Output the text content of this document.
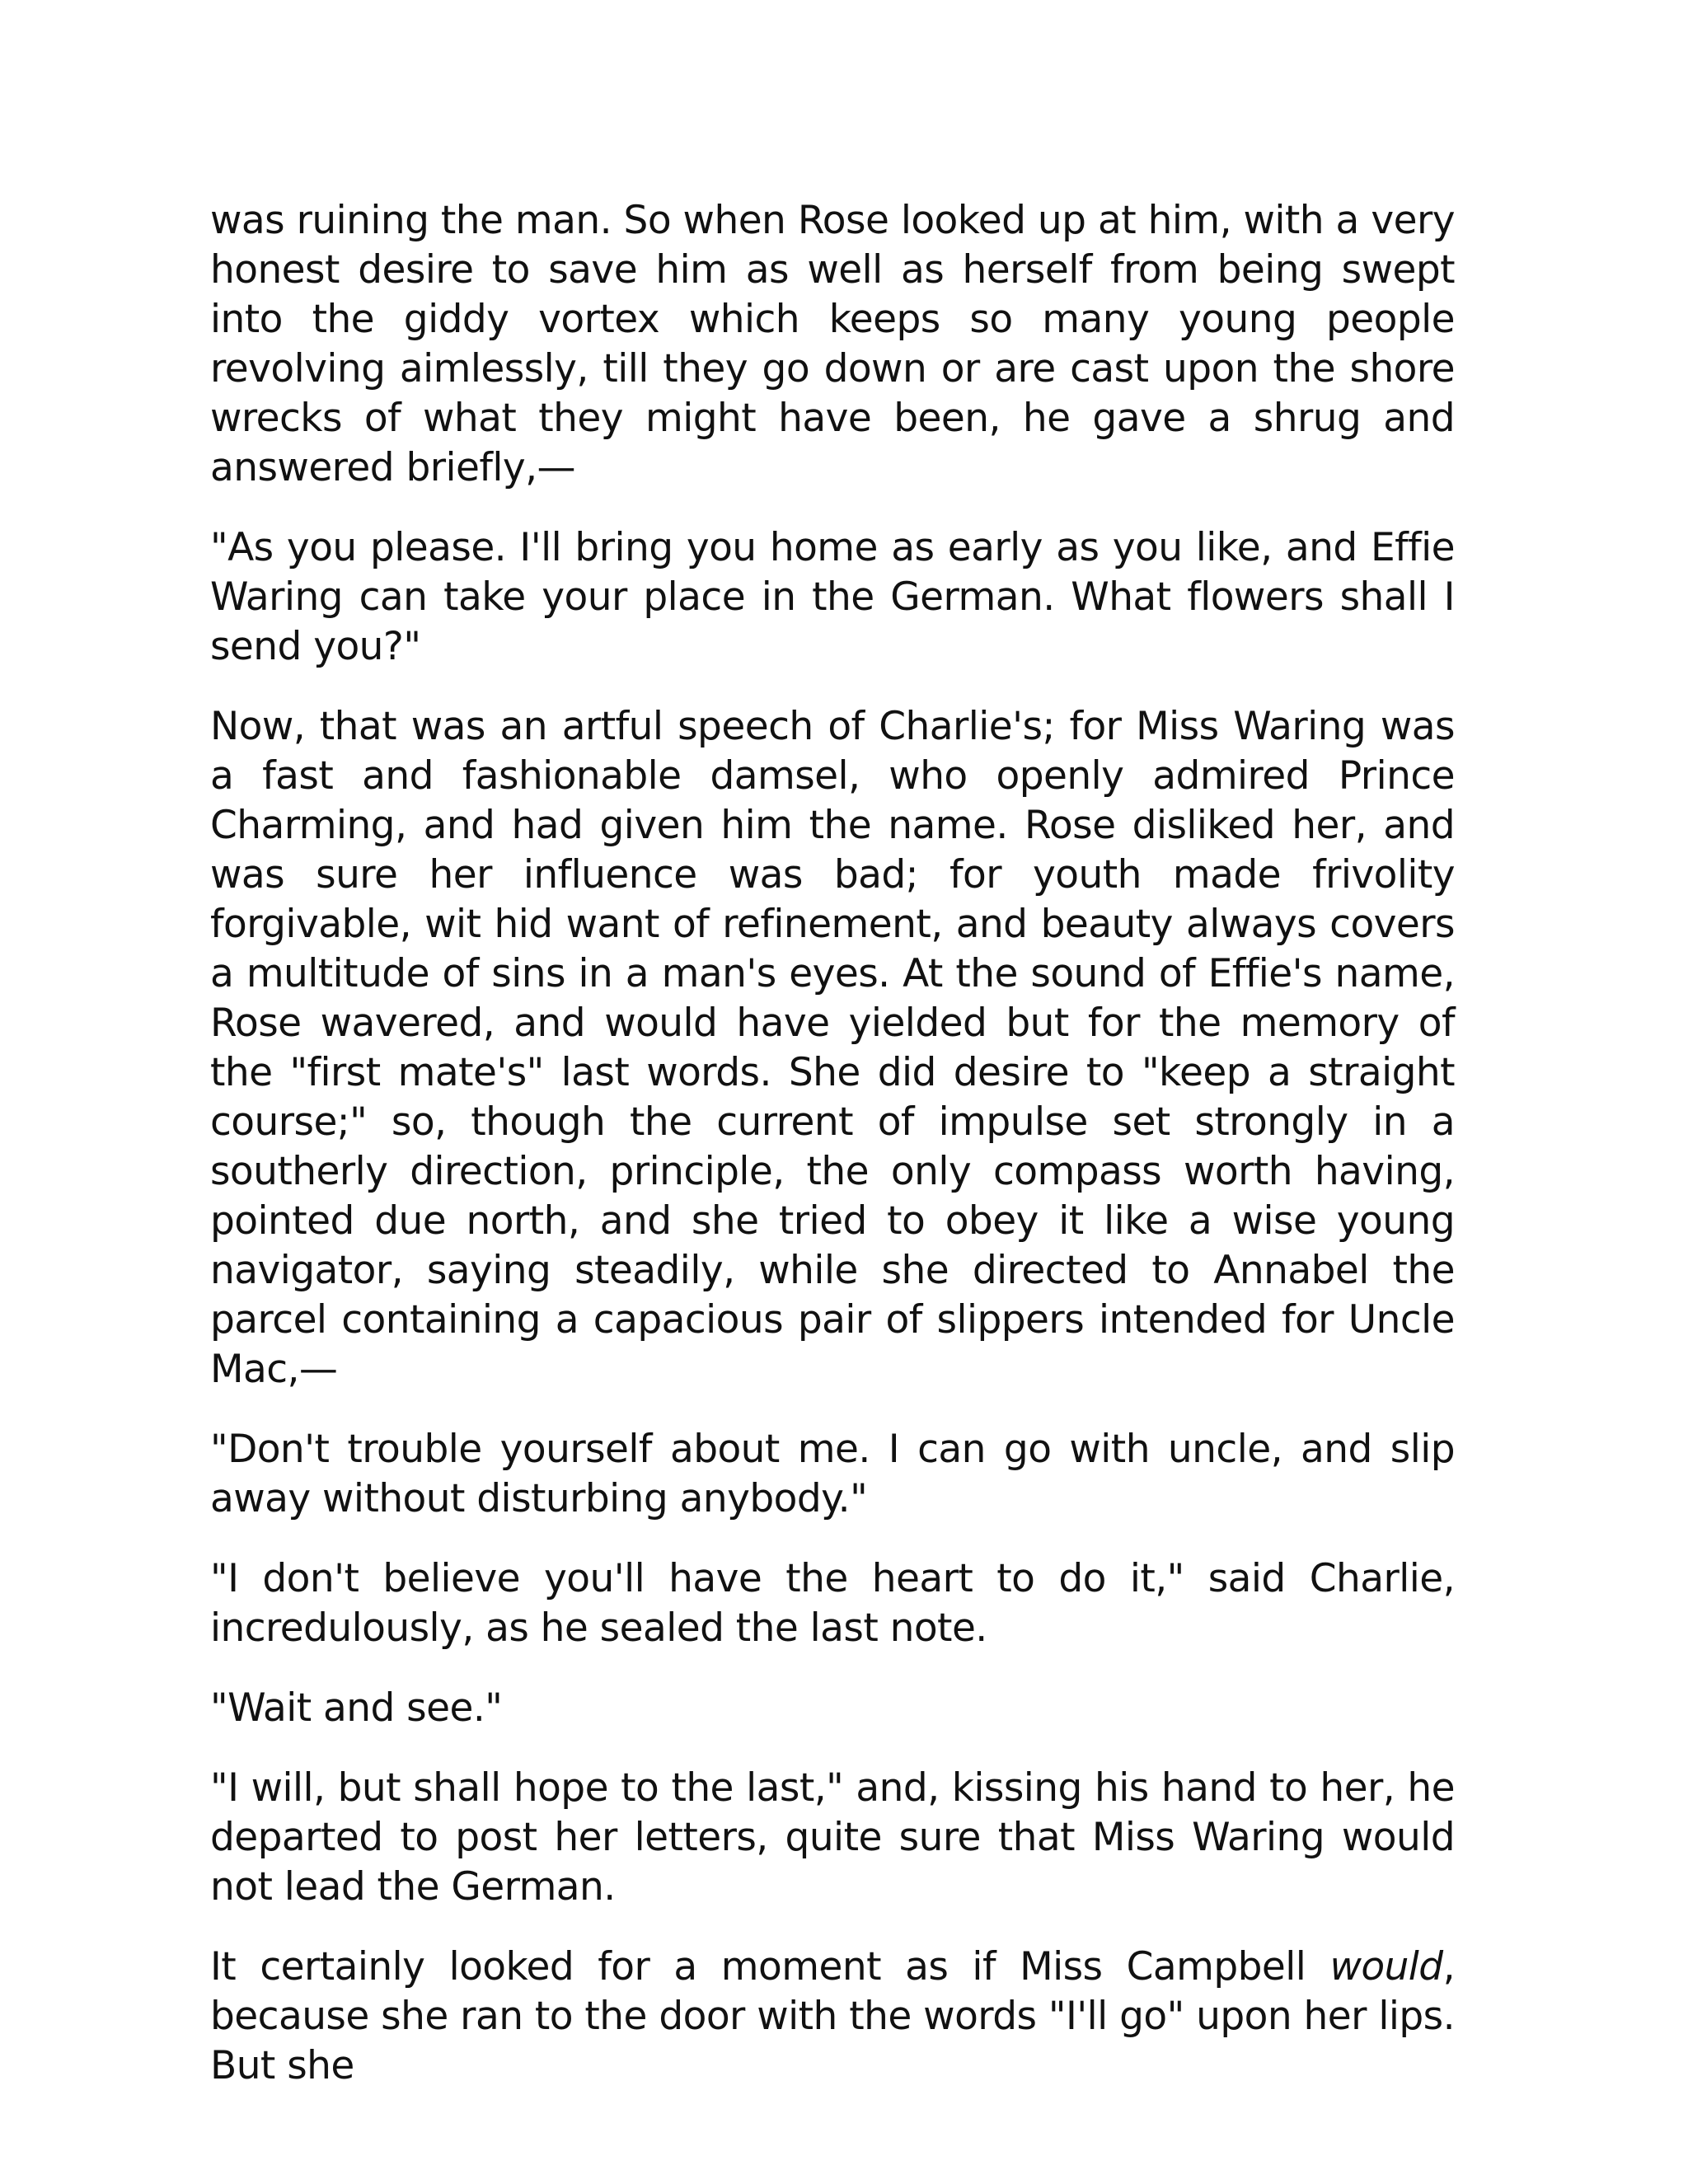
was ruining the man. So when Rose looked up at him, with a very honest desire to save him as well as herself from being swept into the giddy vortex which keeps so many young people revolving aimlessly, till they go down or are cast upon the shore wrecks of what they might have been, he gave a shrug and answered briefly,—

"As you please. I'll bring you home as early as you like, and Effie Waring can take your place in the German. What flowers shall I send you?"

Now, that was an artful speech of Charlie's; for Miss Waring was a fast and fashionable damsel, who openly admired Prince Charming, and had given him the name. Rose disliked her, and was sure her influence was bad; for youth made frivolity forgivable, wit hid want of refinement, and beauty always covers a multitude of sins in a man's eyes. At the sound of Effie's name, Rose wavered, and would have yielded but for the memory of the "first mate's" last words. She did desire to "keep a straight course;" so, though the current of impulse set strongly in a southerly direction, principle, the only compass worth having, pointed due north, and she tried to obey it like a wise young navigator, saying steadily, while she directed to Annabel the parcel containing a capacious pair of slippers intended for Uncle Mac,—

"Don't trouble yourself about me. I can go with uncle, and slip away without disturbing anybody."

"I don't believe you'll have the heart to do it," said Charlie, incredulously, as he sealed the last note.

"Wait and see."

"I will, but shall hope to the last," and, kissing his hand to her, he departed to post her letters, quite sure that Miss Waring would not lead the German.

It certainly looked for a moment as if Miss Campbell would, because she ran to the door with the words "I'll go" upon her lips. But she
